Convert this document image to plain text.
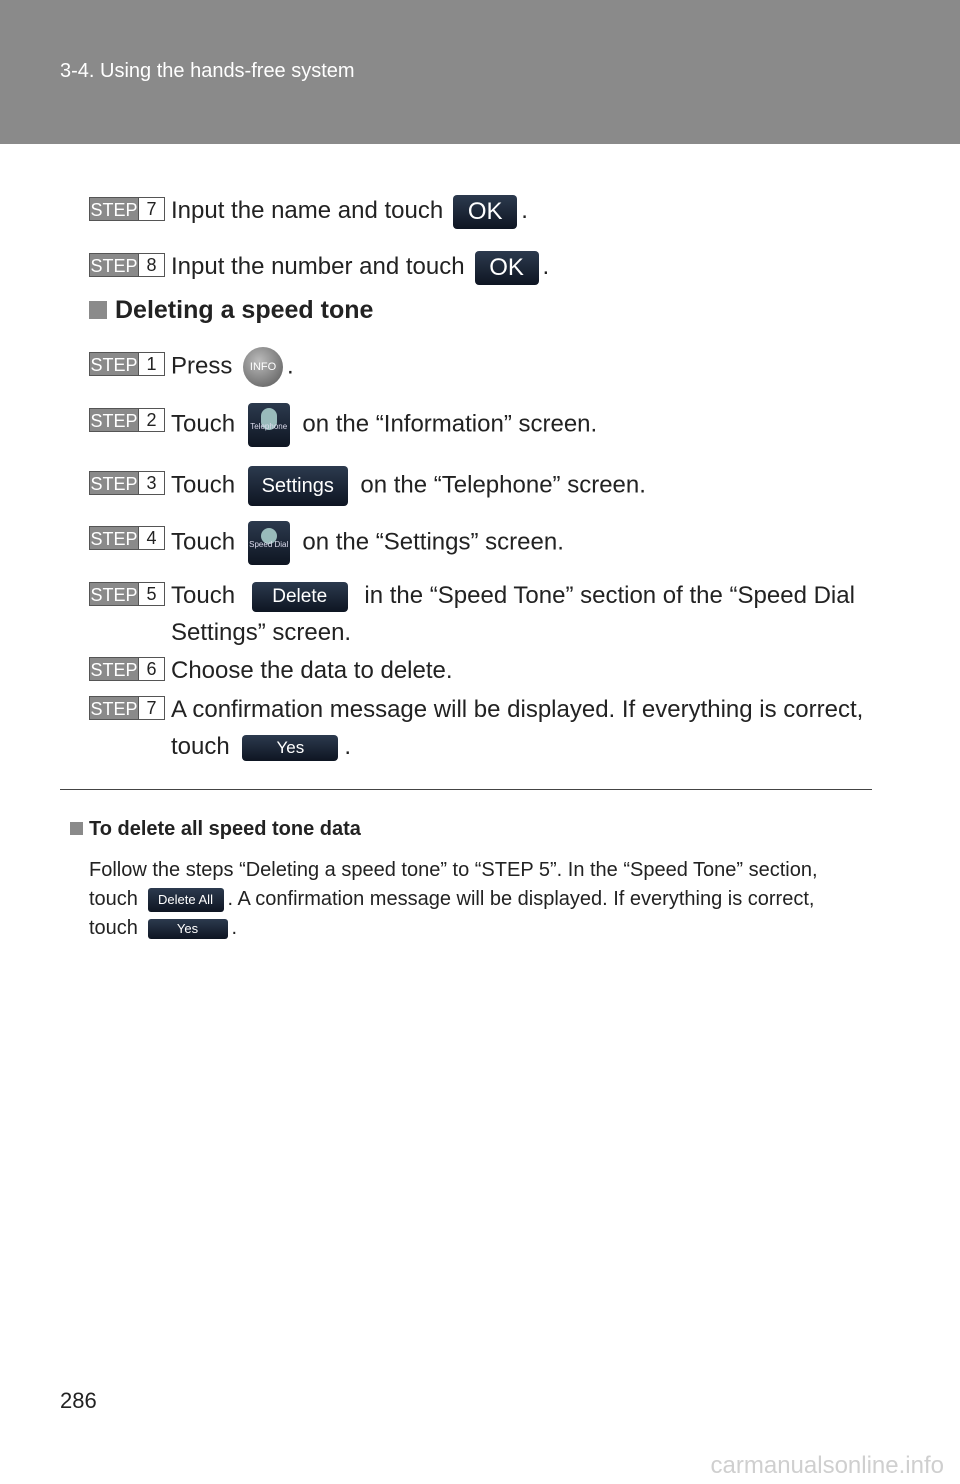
3-4. Using the hands-free system
STEP 7 Input the name and touch OK .
STEP 8 Input the number and touch OK .
Deleting a speed tone
STEP 1 Press INFO .
STEP 2 Touch	Telephone on the “Information” screen.
STEP 3 Touch Settings on the “Telephone” screen.
STEP 4 Touch Speed Dial on the “Settings” screen.
STEP 5 Touch Delete in the “Speed Tone” section of the “Speed Dial Settings” screen.
STEP 6 Choose the data to delete.
STEP 7 A confirmation message will be displayed. If everything is correct, touch	Yes .
To delete all speed tone data
Follow the steps “Deleting a speed tone” to “STEP 5”. In the “Speed Tone” section, touch Delete All . A confirmation message will be displayed. If everything is correct, touch	Yes .
286
carmanualsonline.info
